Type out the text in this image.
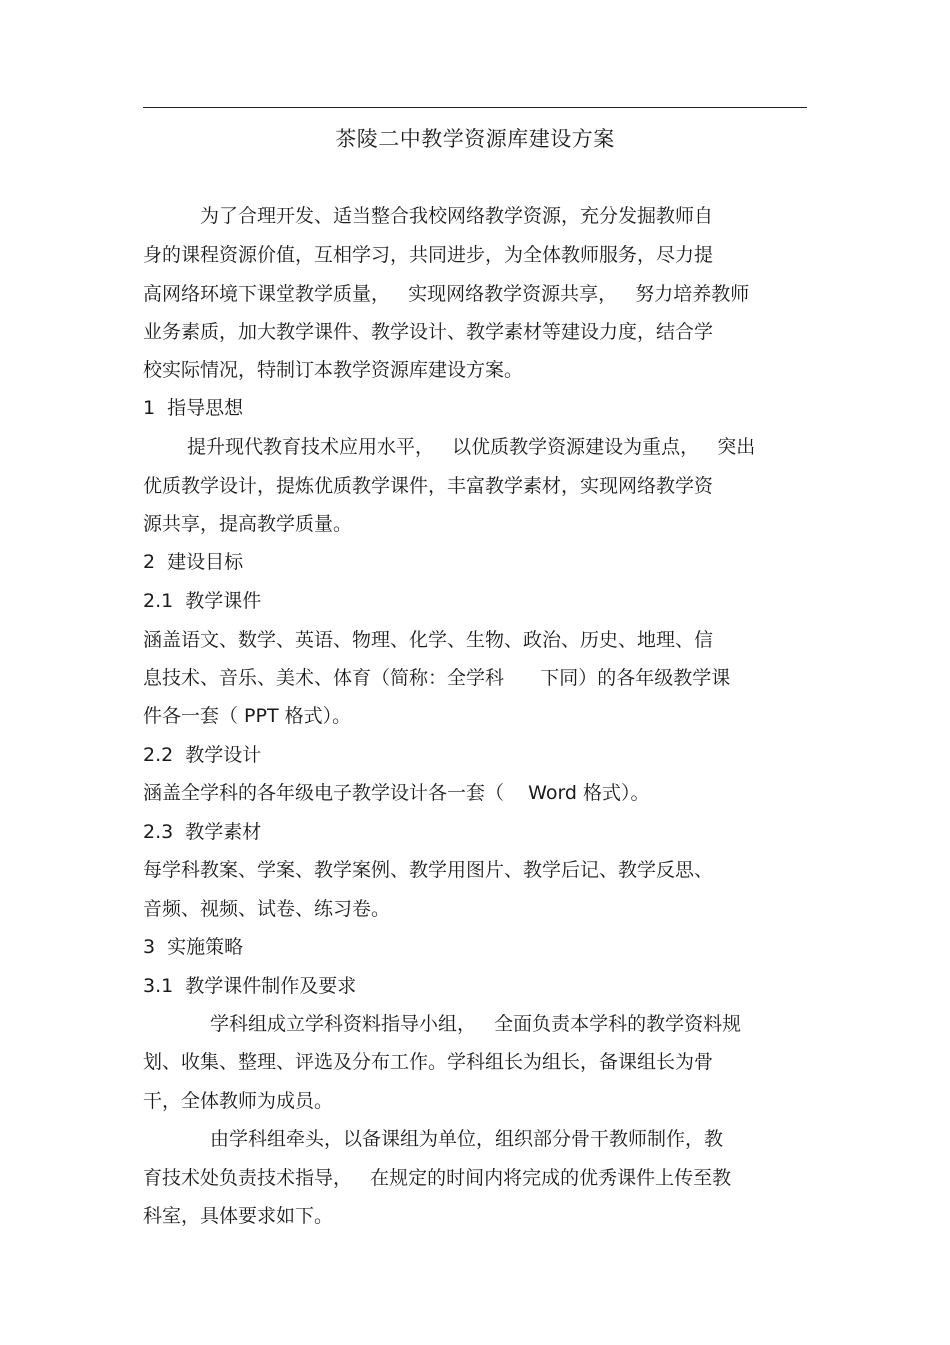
茶陵二中教学资源库建设方案
为了合理开发、适当整合我校网络教学资源，充分发掘教师自
身的课程资源价值，互相学习，共同进步，为全体教师服务，尽力提
高网络环境下课堂教学质量，   实现网络教学资源共享，   努力培养教师
业务素质，加大教学课件、教学设计、教学素材等建设力度，结合学
校实际情况，特制订本教学资源库建设方案。
1  指导思想
提升现代教育技术应用水平，   以优质教学资源建设为重点，   突出
优质教学设计，提炼优质教学课件，丰富教学素材，实现网络教学资
源共享，提高教学质量。
2  建设目标
2.1  教学课件
涵盖语文、数学、英语、物理、化学、生物、政治、历史、地理、信
息技术、音乐、美术、体育（简称：全学科      下同）的各年级教学课
件各一套（ PPT 格式）。
2.2  教学设计
涵盖全学科的各年级电子教学设计各一套（    Word 格式）。
2.3  教学素材
每学科教案、学案、教学案例、教学用图片、教学后记、教学反思、
音频、视频、试卷、练习卷。
3  实施策略
3.1  教学课件制作及要求
学科组成立学科资料指导小组，   全面负责本学科的教学资料规
划、收集、整理、评选及分布工作。学科组长为组长，备课组长为骨
干，全体教师为成员。
由学科组牵头，以备课组为单位，组织部分骨干教师制作，教
育技术处负责技术指导，   在规定的时间内将完成的优秀课件上传至教
科室，具体要求如下。
